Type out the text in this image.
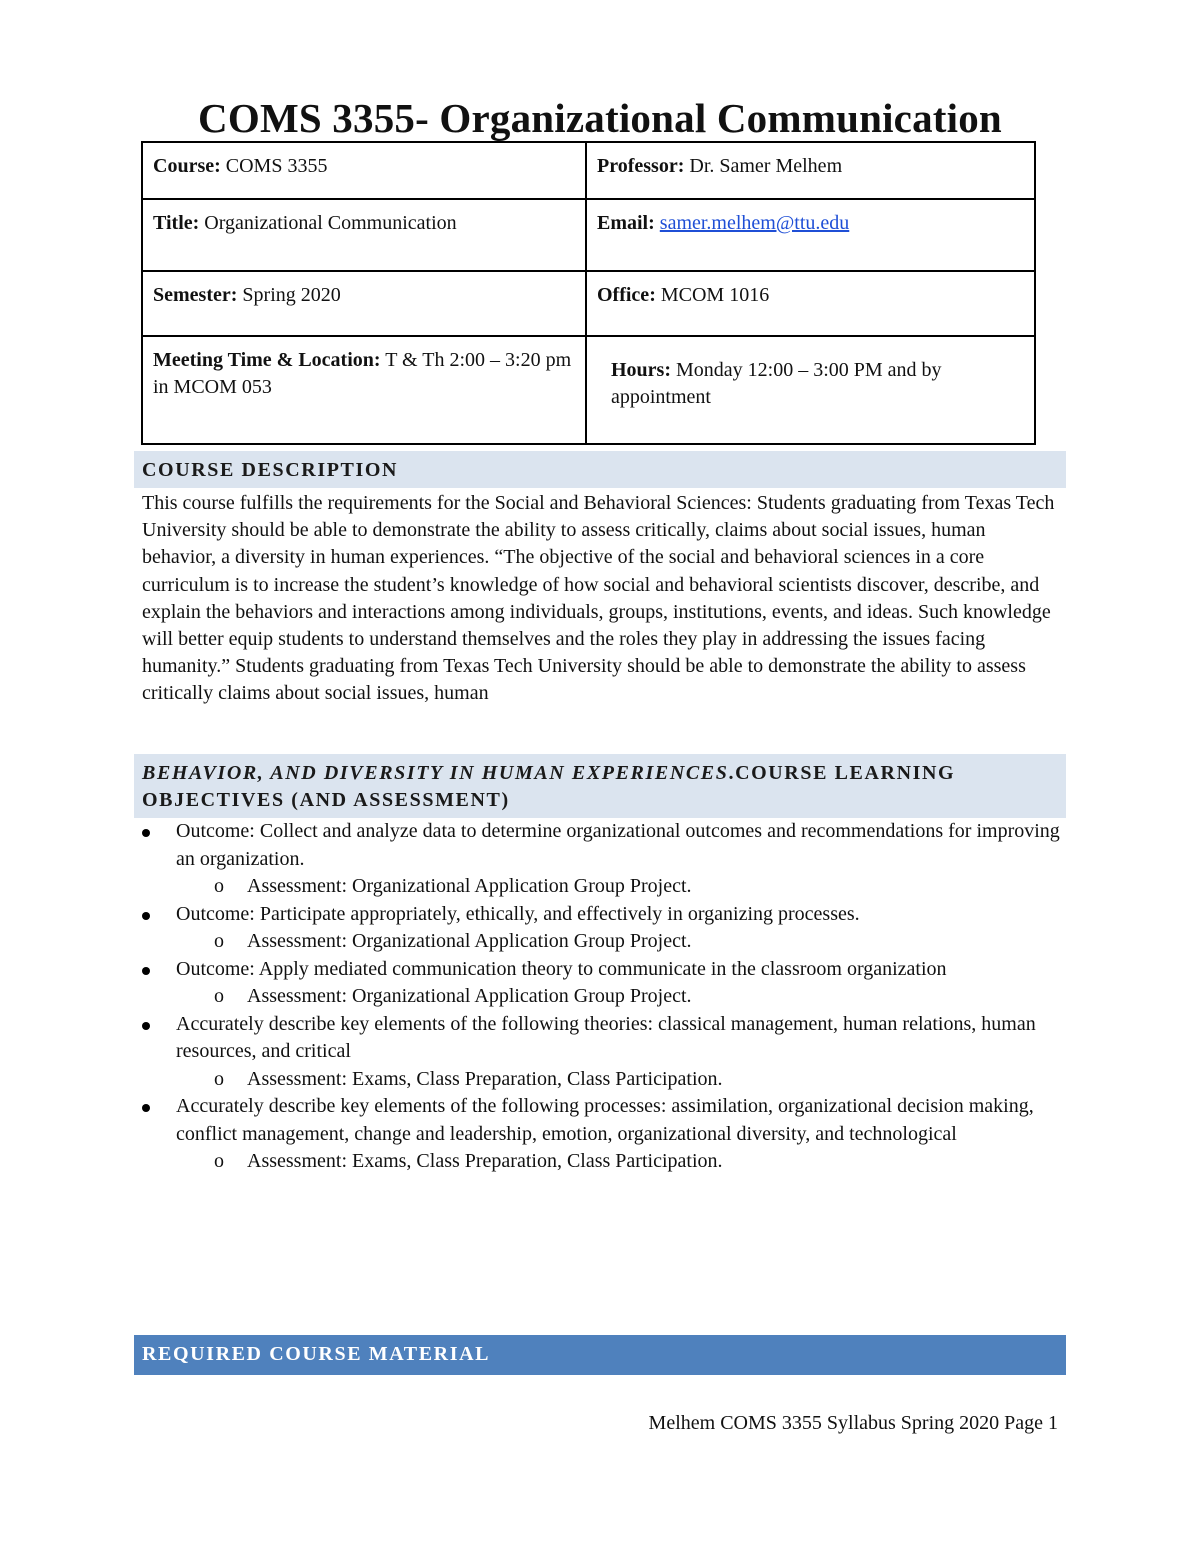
COMS 3355- Organizational Communication
Course: COMS 3355	Professor: Dr. Samer Melhem
Title: Organizational Communication	Email: samer.melhem@ttu.edu
Semester: Spring 2020	Office: MCOM 1016
Meeting Time & Location: T & Th 2:00 – 3:20 pm in MCOM 053	Hours: Monday 12:00 – 3:00 PM and by appointment
COURSE DESCRIPTION
This course fulfills the requirements for the Social and Behavioral Sciences: Students graduating from Texas Tech University should be able to demonstrate the ability to assess critically, claims about social issues, human behavior, a diversity in human experiences. “The objective of the social and behavioral sciences in a core curriculum is to increase the student’s knowledge of how social and behavioral scientists discover, describe, and explain the behaviors and interactions among individuals, groups, institutions, events, and ideas. Such knowledge will better equip students to understand themselves and the roles they play in addressing the issues facing humanity.” Students graduating from Texas Tech University should be able to demonstrate the ability to assess critically claims about social issues, human
BEHAVIOR, AND DIVERSITY IN HUMAN EXPERIENCES.COURSE LEARNING OBJECTIVES (AND ASSESSMENT)
Outcome: Collect and analyze data to determine organizational outcomes and recommendations for improving an organization.
o Assessment: Organizational Application Group Project.
Outcome: Participate appropriately, ethically, and effectively in organizing processes.
o Assessment: Organizational Application Group Project.
Outcome: Apply mediated communication theory to communicate in the classroom organization
o Assessment: Organizational Application Group Project.
Accurately describe key elements of the following theories: classical management, human relations, human resources, and critical
o Assessment: Exams, Class Preparation, Class Participation.
Accurately describe key elements of the following processes: assimilation, organizational decision making, conflict management, change and leadership, emotion, organizational diversity, and technological
o Assessment: Exams, Class Preparation, Class Participation.
REQUIRED COURSE MATERIAL
Melhem COMS 3355 Syllabus Spring 2020 Page 1
